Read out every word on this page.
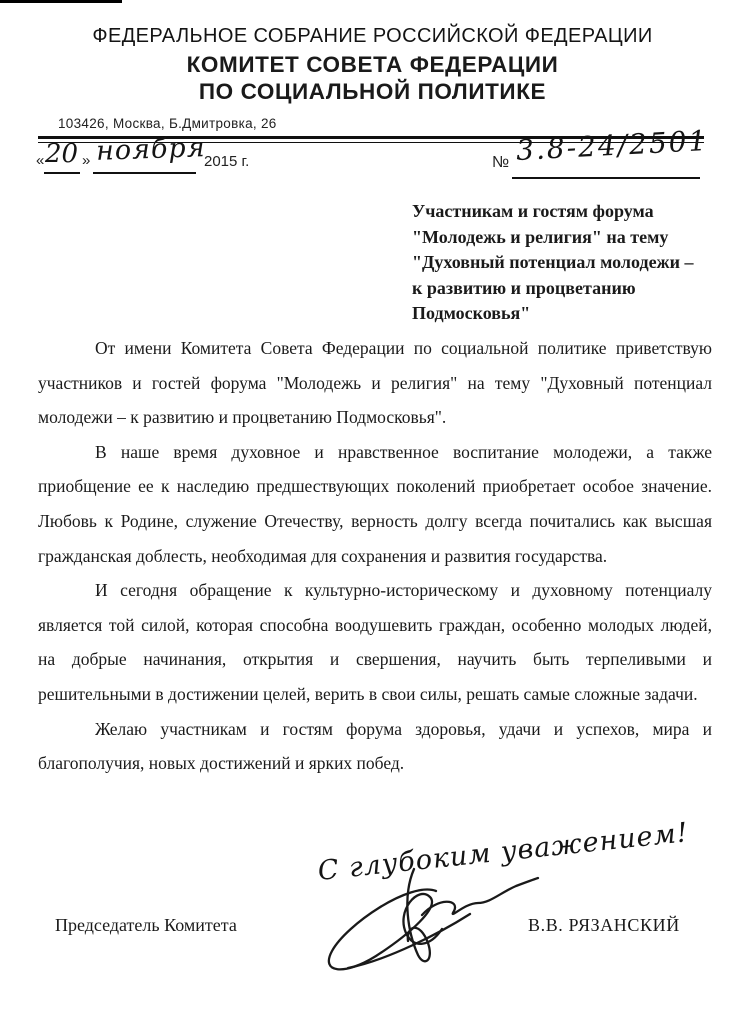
ФЕДЕРАЛЬНОЕ СОБРАНИЕ РОССИЙСКОЙ ФЕДЕРАЦИИ
КОМИТЕТ СОВЕТА ФЕДЕРАЦИИ
ПО СОЦИАЛЬНОЙ ПОЛИТИКЕ
103426, Москва, Б.Дмитровка, 26
« 20 » ноября
2015 г.	№ 3.8-24/2501
Участникам и гостям форума
"Молодежь и религия" на тему
"Духовный потенциал молодежи –
к развитию и процветанию
Подмосковья"

От имени Комитета Совета Федерации по социальной политике приветствую участников и гостей форума "Молодежь и религия" на тему "Духовный потенциал молодежи – к развитию и процветанию Подмосковья".

В наше время духовное и нравственное воспитание молодежи, а также приобщение ее к наследию предшествующих поколений приобретает особое значение. Любовь к Родине, служение Отечеству, верность долгу всегда почитались как высшая гражданская доблесть, необходимая для сохранения и развития государства.

И сегодня обращение к культурно-историческому и духовному потенциалу является той силой, которая способна воодушевить граждан, особенно молодых людей, на добрые начинания, открытия и свершения, научить быть терпеливыми и решительными в достижении целей, верить в свои силы, решать самые сложные задачи.

Желаю участникам и гостям форума здоровья, удачи и успехов, мира и благополучия, новых достижений и ярких побед.

С глубоким уважением!
Председатель Комитета	В.В. РЯЗАНСКИЙ
